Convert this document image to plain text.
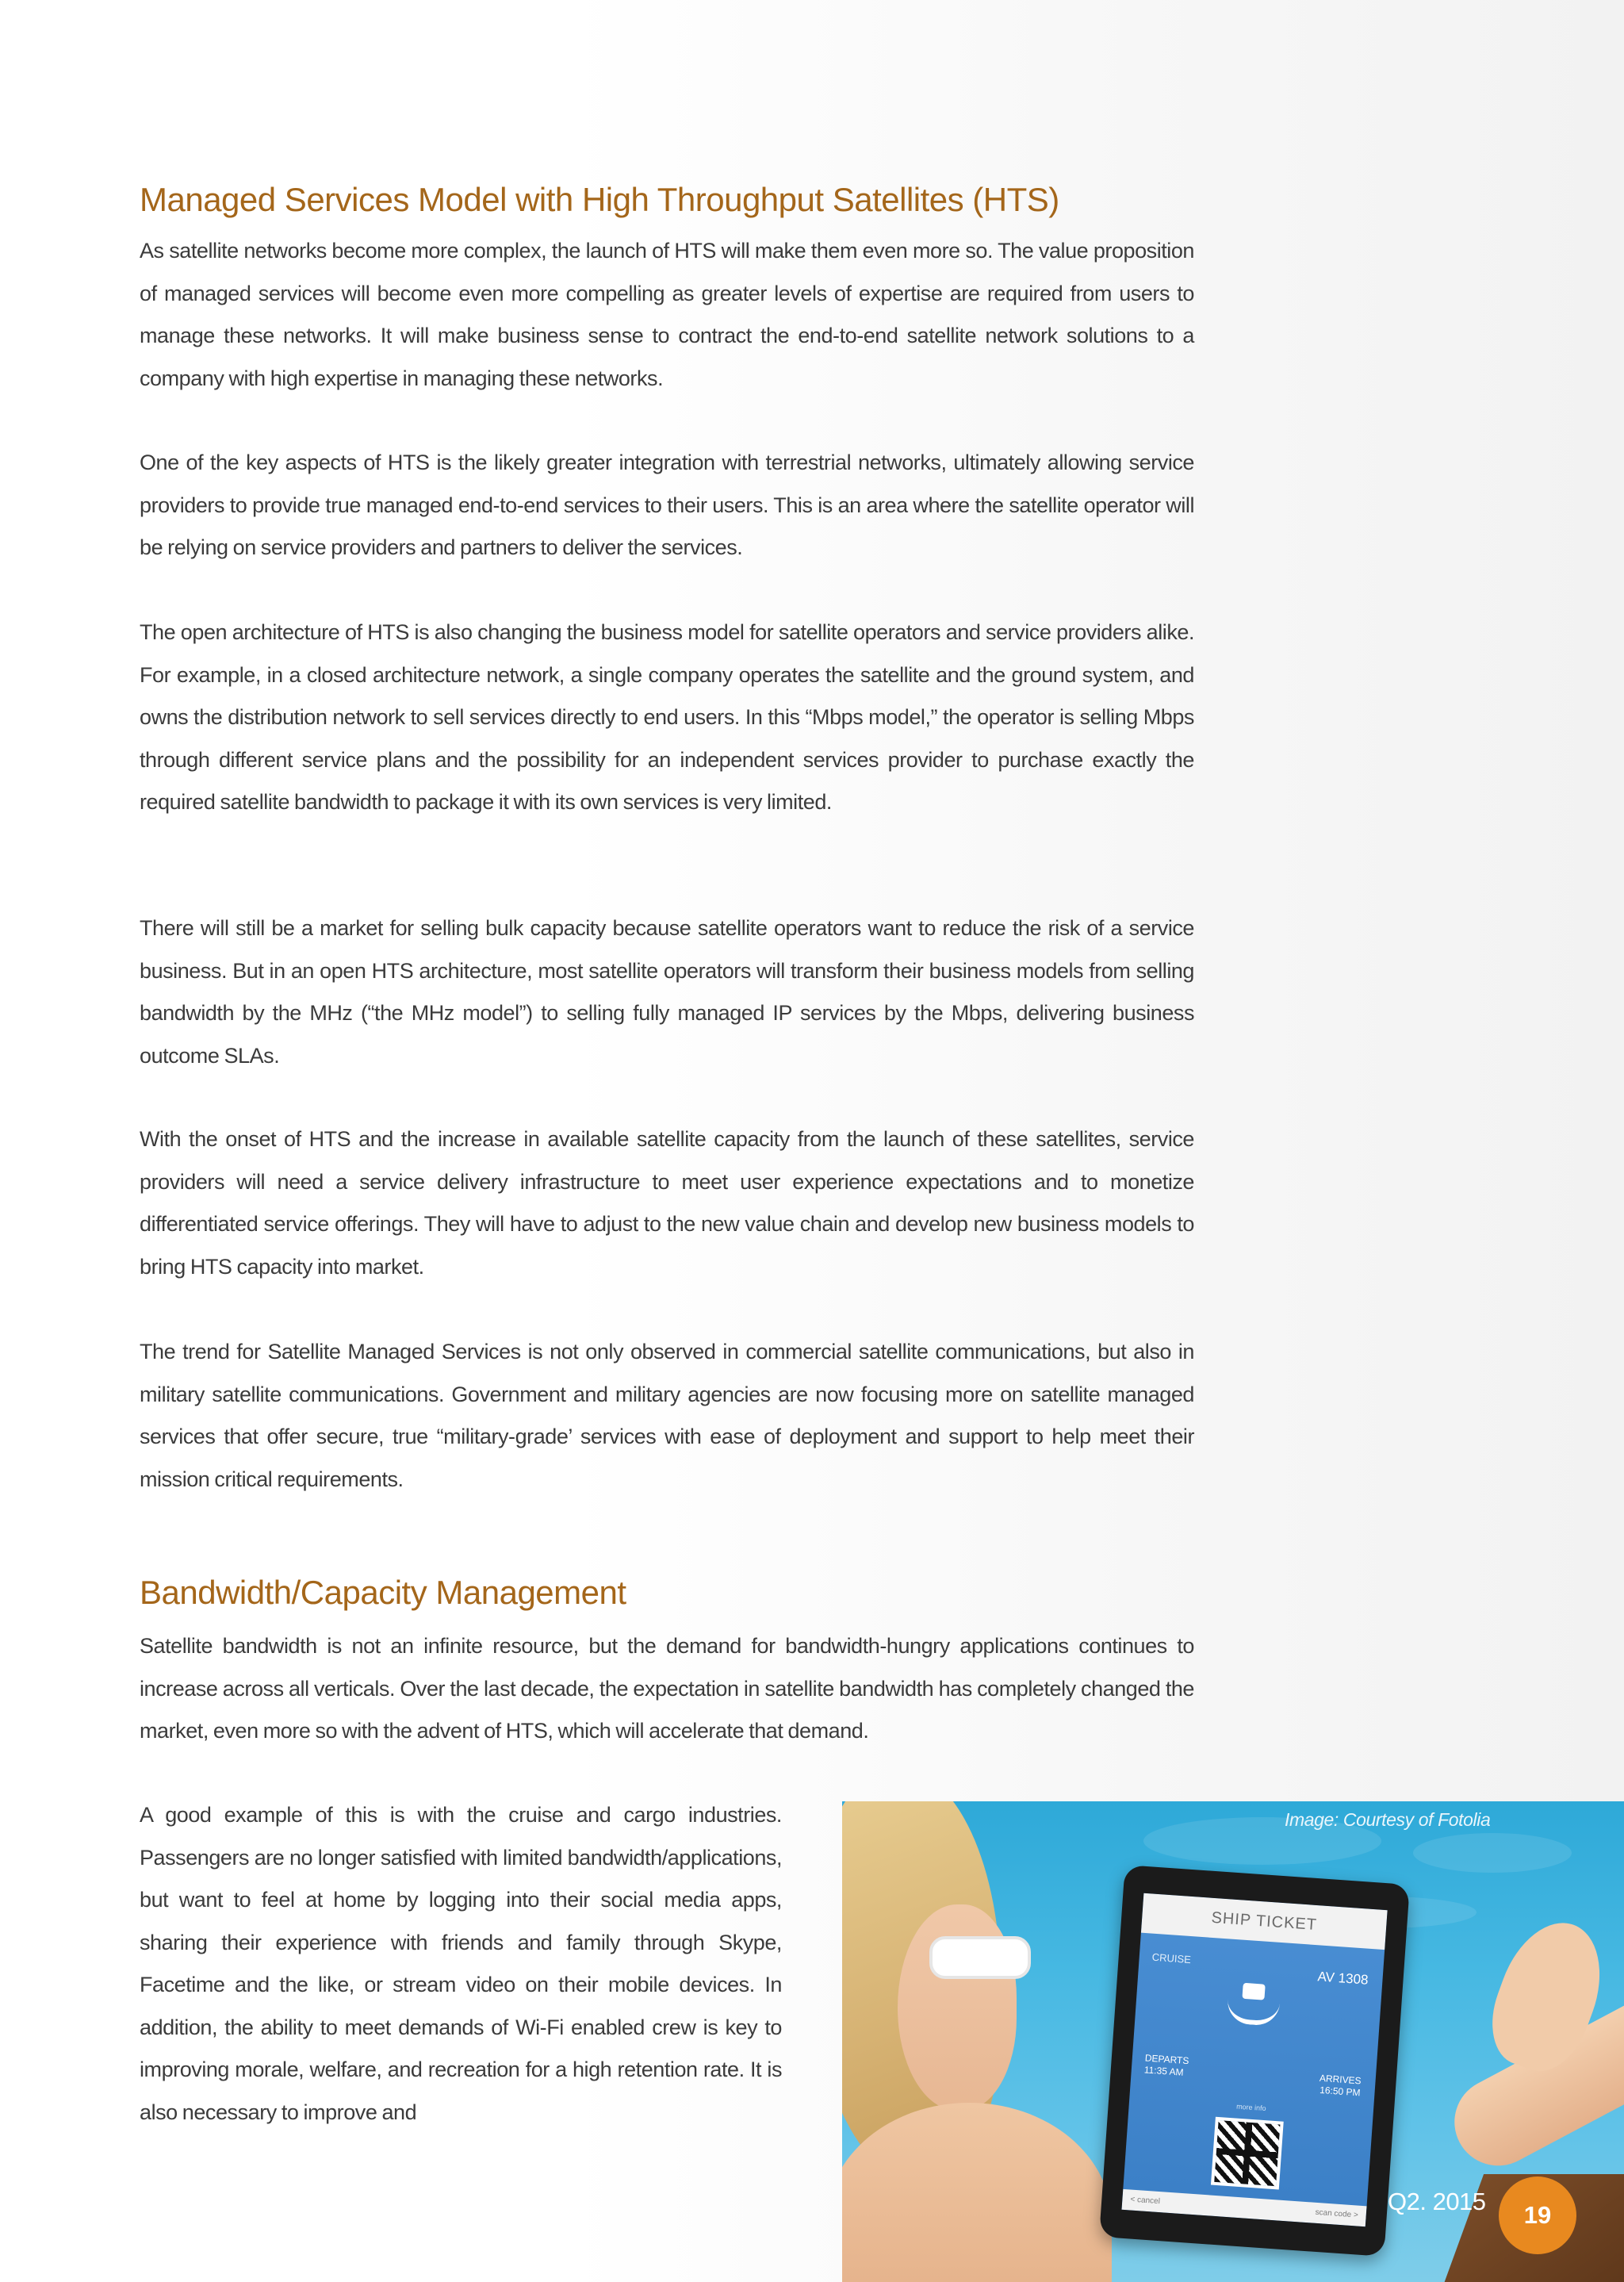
Managed Services Model with High Throughput Satellites (HTS)

As satellite networks become more complex, the launch of HTS will make them even more so. The value proposition of managed services will become even more compelling as greater levels of expertise are required from users to manage these networks. It will make business sense to contract the end-to-end satellite network solutions to a company with high expertise in managing these networks.

One of the key aspects of HTS is the likely greater integration with terrestrial networks, ultimately allowing service providers to provide true managed end-to-end services to their users. This is an area where the satellite operator will be relying on service providers and partners to deliver the services.

The open architecture of HTS is also changing the business model for satellite operators and service providers alike. For example, in a closed architecture network, a single company operates the satellite and the ground system, and owns the distribution network to sell services directly to end users. In this “Mbps model,” the operator is selling Mbps through different service plans and the possibility for an independent services provider to purchase exactly the required satellite bandwidth to package it with its own services is very limited.

There will still be a market for selling bulk capacity because satellite operators want to reduce the risk of a service business. But in an open HTS architecture, most satellite operators will transform their business models from selling bandwidth by the MHz (“the MHz model”) to selling fully managed IP services by the Mbps, delivering business outcome SLAs.

With the onset of HTS and the increase in available satellite capacity from the launch of these satellites, service providers will need a service delivery infrastructure to meet user experience expectations and to monetize differentiated service offerings. They will have to adjust to the new value chain and develop new business models to bring HTS capacity into market.

The trend for Satellite Managed Services is not only observed in commercial satellite communications, but also in military satellite communications. Government and military agencies are now focusing more on satellite managed services that offer secure, true “military-grade’ services with ease of deployment and support to help meet their mission critical requirements.

Bandwidth/Capacity Management

Satellite bandwidth is not an infinite resource, but the demand for bandwidth-hungry applications continues to increase across all verticals. Over the last decade, the expectation in satellite bandwidth has completely changed the market, even more so with the advent of HTS, which will accelerate that demand.

A good example of this is with the cruise and cargo industries. Passengers are no longer satisfied with limited bandwidth/applications, but want to feel at home by logging into their social media apps, sharing their experience with friends and family through Skype, Facetime and the like, or stream video on their mobile devices. In addition, the ability to meet demands of Wi-Fi enabled crew is key to improving morale, welfare, and recreation for a high retention rate. It is also necessary to improve and

SHIP TICKET
CRUISE
AV 1308
DEPARTS
11:35 AM
ARRIVES
16:50 PM
more info
< cancel
scan code >
Image: Courtesy of Fotolia
Q2. 2015	19
